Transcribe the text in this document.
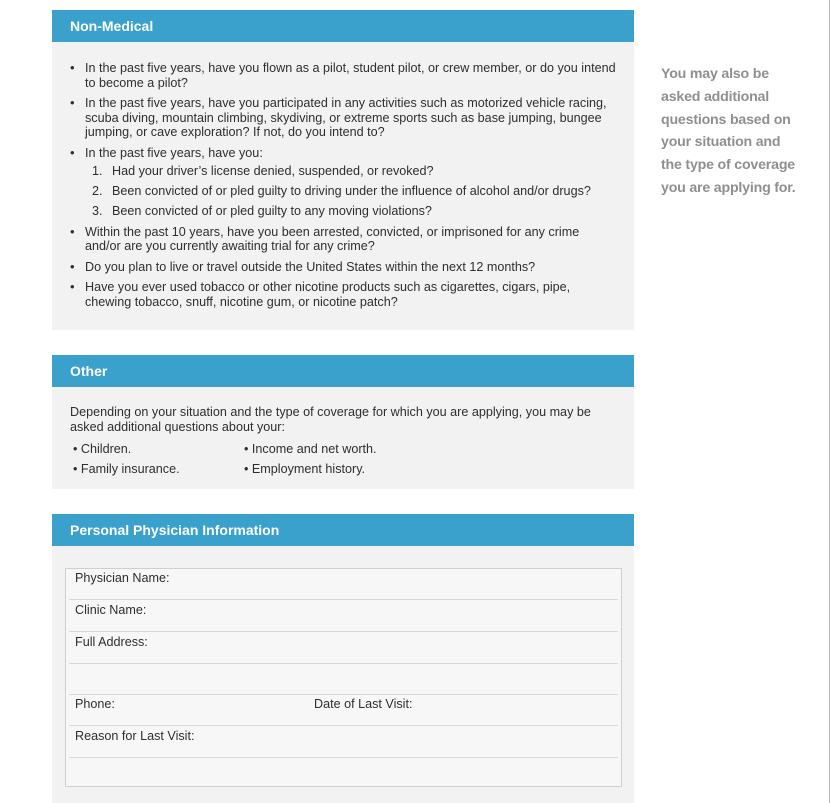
Non-Medical
• In the past five years, have you flown as a pilot, student pilot, or crew member, or do you intend to become a pilot?
• In the past five years, have you participated in any activities such as motorized vehicle racing, scuba diving, mountain climbing, skydiving, or extreme sports such as base jumping, bungee jumping, or cave exploration? If not, do you intend to?
• In the past five years, have you:
1. Had your driver’s license denied, suspended, or revoked?
2. Been convicted of or pled guilty to driving under the influence of alcohol and/or drugs?
3. Been convicted of or pled guilty to any moving violations?
• Within the past 10 years, have you been arrested, convicted, or imprisoned for any crime and/or are you currently awaiting trial for any crime?
• Do you plan to live or travel outside the United States within the next 12 months?
• Have you ever used tobacco or other nicotine products such as cigarettes, cigars, pipe, chewing tobacco, snuff, nicotine gum, or nicotine patch?
You may also be asked additional questions based on your situation and the type of coverage you are applying for.
Other

Depending on your situation and the type of coverage for which you are applying, you may be asked additional questions about your:

• Children.
• Family insurance.
• Income and net worth.
• Employment history.
Personal Physician Information
Physician Name:
Clinic Name:
Full Address:
Phone:	Date of Last Visit:
Reason for Last Visit:
